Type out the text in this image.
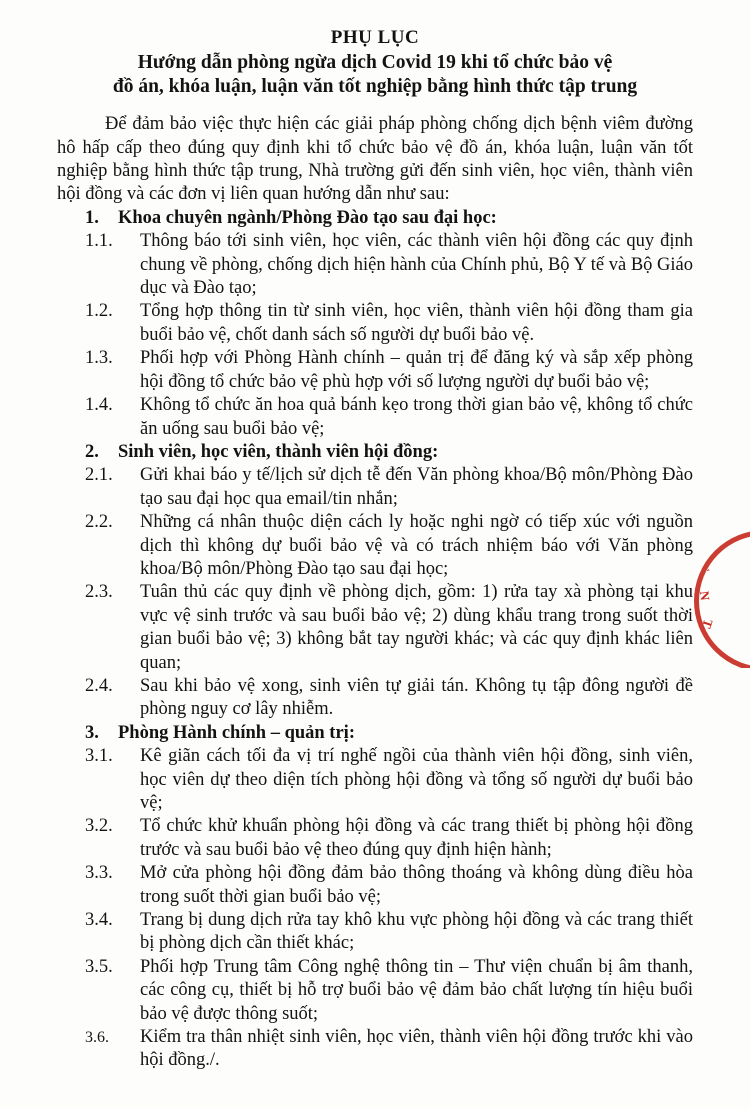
PHỤ LỤC
Hướng dẫn phòng ngừa dịch Covid 19 khi tổ chức bảo vệ
đồ án, khóa luận, luận văn tốt nghiệp bằng hình thức tập trung

Để đảm bảo việc thực hiện các giải pháp phòng chống dịch bệnh viêm đường hô hấp cấp theo đúng quy định khi tổ chức bảo vệ đồ án, khóa luận, luận văn tốt nghiệp bằng hình thức tập trung, Nhà trường gửi đến sinh viên, học viên, thành viên hội đồng và các đơn vị liên quan hướng dẫn như sau:

1.	Khoa chuyên ngành/Phòng Đào tạo sau đại học:
1.1.	Thông báo tới sinh viên, học viên, các thành viên hội đồng các quy định chung về phòng, chống dịch hiện hành của Chính phủ, Bộ Y tế và Bộ Giáo dục và Đào tạo;
1.2.	Tổng hợp thông tin từ sinh viên, học viên, thành viên hội đồng tham gia buổi bảo vệ, chốt danh sách số người dự buổi bảo vệ.
1.3.	Phối hợp với Phòng Hành chính – quản trị để đăng ký và sắp xếp phòng hội đồng tổ chức bảo vệ phù hợp với số lượng người dự buổi bảo vệ;
1.4.	Không tổ chức ăn hoa quả bánh kẹo trong thời gian bảo vệ, không tổ chức ăn uống sau buổi bảo vệ;
2.	Sinh viên, học viên, thành viên hội đồng:
2.1.	Gửi khai báo y tế/lịch sử dịch tễ đến Văn phòng khoa/Bộ môn/Phòng Đào tạo sau đại học qua email/tin nhắn;
2.2.	Những cá nhân thuộc diện cách ly hoặc nghi ngờ có tiếp xúc với nguồn dịch thì không dự buổi bảo vệ và có trách nhiệm báo với Văn phòng khoa/Bộ môn/Phòng Đào tạo sau đại học;
2.3.	Tuân thủ các quy định về phòng dịch, gồm: 1) rửa tay xà phòng tại khu vực vệ sinh trước và sau buổi bảo vệ; 2) dùng khẩu trang trong suốt thời gian buổi bảo vệ; 3) không bắt tay người khác; và các quy định khác liên quan;
2.4.	Sau khi bảo vệ xong, sinh viên tự giải tán. Không tụ tập đông người đề phòng nguy cơ lây nhiễm.
3.	Phòng Hành chính – quản trị:
3.1.	Kê giãn cách tối đa vị trí nghế ngồi của thành viên hội đồng, sinh viên, học viên dự theo diện tích phòng hội đồng và tổng số người dự buổi bảo vệ;
3.2.	Tổ chức khử khuẩn phòng hội đồng và các trang thiết bị phòng hội đồng trước và sau buổi bảo vệ theo đúng quy định hiện hành;
3.3.	Mở cửa phòng hội đồng đảm bảo thông thoáng và không dùng điều hòa trong suốt thời gian buổi bảo vệ;
3.4.	Trang bị dung dịch rửa tay khô khu vực phòng hội đồng và các trang thiết bị phòng dịch cần thiết khác;
3.5.	Phối hợp Trung tâm Công nghệ thông tin – Thư viện chuẩn bị âm thanh, các công cụ, thiết bị hỗ trợ buổi bảo vệ đảm bảo chất lượng tín hiệu buổi bảo vệ được thông suốt;
3.6.	Kiểm tra thân nhiệt sinh viên, học viên, thành viên hội đồng trước khi vào hội đồng./.
'
N
T
